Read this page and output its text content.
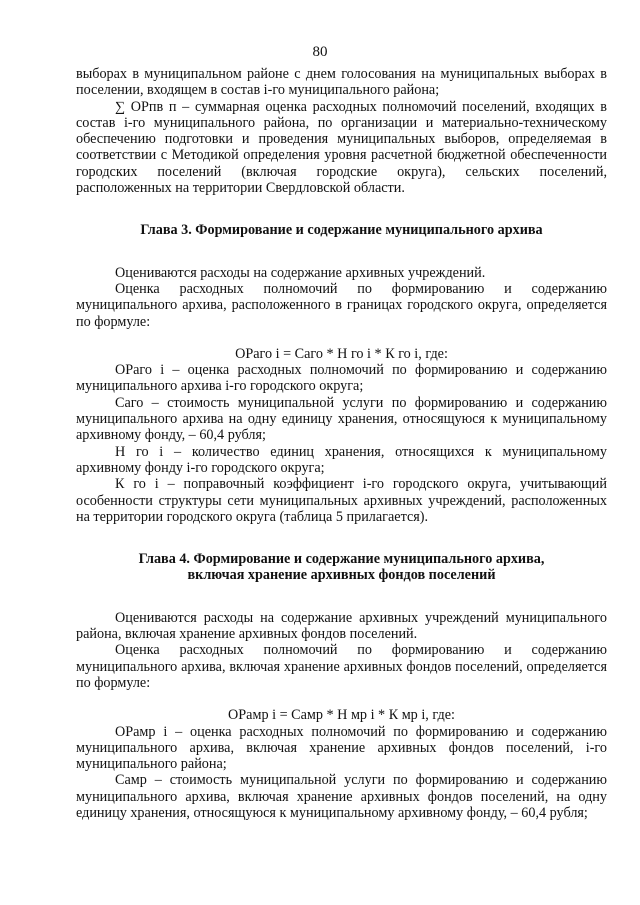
80

выборах в муниципальном районе с днем голосования на муниципальных выборах в поселении, входящем в состав i-го муниципального района;

∑ ОРпв п – суммарная оценка расходных полномочий поселений, входящих в состав i-го муниципального района, по организации и материально-техническому обеспечению подготовки и проведения муниципальных выборов, определяемая в соответствии с Методикой определения уровня расчетной бюджетной обеспеченности городских поселений (включая городские округа), сельских поселений, расположенных на территории Свердловской области.

Глава 3. Формирование и содержание муниципального архива

Оцениваются расходы на содержание архивных учреждений.

Оценка расходных полномочий по формированию и содержанию муниципального архива, расположенного в границах городского округа, определяется по формуле:

ОРаго i = Саго * Н го i * К го i, где:

ОРаго i – оценка расходных полномочий по формированию и содержанию муниципального архива i-го городского округа;

Саго – стоимость муниципальной услуги по формированию и содержанию муниципального архива на одну единицу хранения, относящуюся к муниципальному архивному фонду, – 60,4 рубля;

Н го i – количество единиц хранения, относящихся к муниципальному архивному фонду i-го городского округа;

К го i – поправочный коэффициент i-го городского округа, учитывающий особенности структуры сети муниципальных архивных учреждений, расположенных на территории городского округа (таблица 5 прилагается).

Глава 4. Формирование и содержание муниципального архива,

включая хранение архивных фондов поселений

Оцениваются расходы на содержание архивных учреждений муниципального района, включая хранение архивных фондов поселений.

Оценка расходных полномочий по формированию и содержанию муниципального архива, включая хранение архивных фондов поселений, определяется по формуле:

ОРамр i = Самр * Н мр i * К мр i, где:

ОРамр i – оценка расходных полномочий по формированию и содержанию муниципального архива, включая хранение архивных фондов поселений, i-го муниципального района;

Самр – стоимость муниципальной услуги по формированию и содержанию муниципального архива, включая хранение архивных фондов поселений, на одну единицу хранения, относящуюся к муниципальному архивному фонду, – 60,4 рубля;
